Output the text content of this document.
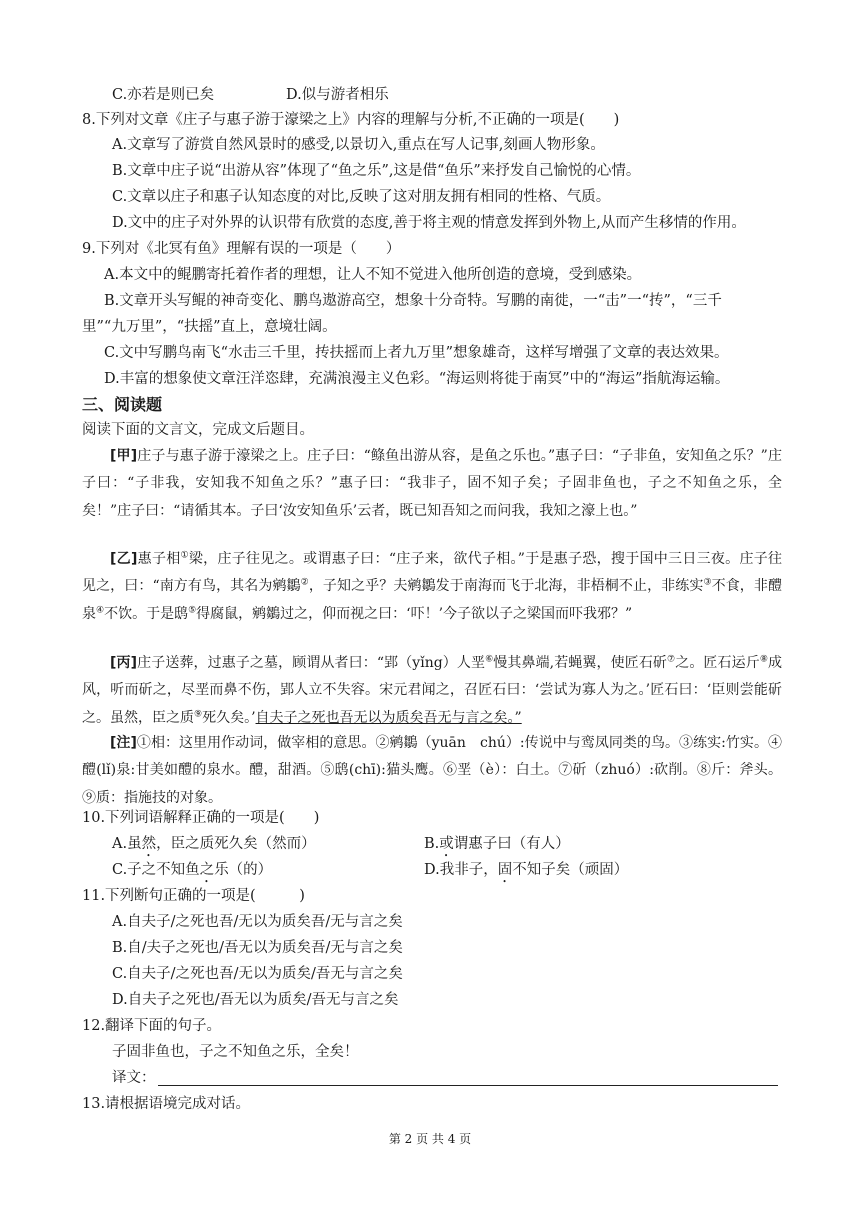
C.亦若是则已矣	D.似与游者相乐
8.下列对文章《庄子与惠子游于濠梁之上》内容的理解与分析,不正确的一项是(　　)
A.文章写了游赏自然风景时的感受,以景切入,重点在写人记事,刻画人物形象。
B.文章中庄子说“出游从容”体现了“鱼之乐”,这是借“鱼乐”来抒发自己愉悦的心情。
C.文章以庄子和惠子认知态度的对比,反映了这对朋友拥有相同的性格、气质。
D.文中的庄子对外界的认识带有欣赏的态度,善于将主观的情意发挥到外物上,从而产生移情的作用。
9.下列对《北冥有鱼》理解有误的一项是（　　）
A.本文中的鲲鹏寄托着作者的理想，让人不知不觉进入他所创造的意境，受到感染。
B.文章开头写鲲的神奇变化、鹏鸟遨游高空，想象十分奇特。写鹏的南徙，一“击”一“抟”，“三千
里”“九万里”，“扶摇”直上，意境壮阔。
C.文中写鹏鸟南飞“水击三千里，抟扶摇而上者九万里”想象雄奇，这样写增强了文章的表达效果。
D.丰富的想象使文章汪洋恣肆，充满浪漫主义色彩。“海运则将徙于南冥”中的“海运”指航海运输。
三、阅读题
阅读下面的文言文，完成文后题目。
[甲]庄子与惠子游于濠梁之上。庄子曰：“鲦鱼出游从容，是鱼之乐也。”惠子曰：“子非鱼，安知鱼之乐？”庄子曰：“子非我，安知我不知鱼之乐？”惠子曰：“我非子，固不知子矣；子固非鱼也，子之不知鱼之乐，全矣！”庄子曰：“请循其本。子曰‘汝安知鱼乐’云者，既已知吾知之而问我，我知之濠上也。”
[乙]惠子相①梁，庄子往见之。或谓惠子曰：“庄子来，欲代子相。”于是惠子恐，搜于国中三日三夜。庄子往见之，曰：“南方有鸟，其名为鹓鶵②，子知之乎？夫鹓鶵发于南海而飞于北海，非梧桐不止，非练实③不食，非醴泉④不饮。于是鸱⑤得腐鼠，鹓鶵过之，仰而视之曰：‘吓！’今子欲以子之梁国而吓我邪？”
[丙]庄子送葬，过惠子之墓，顾谓从者曰：“郢（yǐng）人垩⑥慢其鼻端,若蝇翼，使匠石斫⑦之。匠石运斤⑧成风，听而斫之，尽垩而鼻不伤，郢人立不失容。宋元君闻之，召匠石曰：‘尝试为寡人为之。’匠石曰：‘臣则尝能斫之。虽然，臣之质⑨死久矣。’自夫子之死也吾无以为质矣吾无与言之矣。”
[注]①相：这里用作动词，做宰相的意思。②鹓鶵（yuān　chú）:传说中与鸾凤同类的鸟。③练实:竹实。④醴(lǐ)泉:甘美如醴的泉水。醴，甜酒。⑤鸱(chī):猫头鹰。⑥垩（è）：白土。⑦斫（zhuó）:砍削。⑧斤：斧头。⑨质：指施技的对象。
10.下列词语解释正确的一项是(　　)
A.虽然，臣之质死久矣（然而）	B.或谓惠子曰（有人）
C.子之不知鱼之乐（的）	D.我非子，固不知子矣（顽固）
11.下列断句正确的一项是(　　　)
A.自夫子/之死也吾/无以为质矣吾/无与言之矣
B.自/夫子之死也/吾无以为质矣吾/无与言之矣
C.自夫子/之死也吾/无以为质矣/吾无与言之矣
D.自夫子之死也/吾无以为质矣/吾无与言之矣
12.翻译下面的句子。
子固非鱼也，子之不知鱼之乐，全矣！
译文：
13.请根据语境完成对话。
第 2 页 共 4 页
